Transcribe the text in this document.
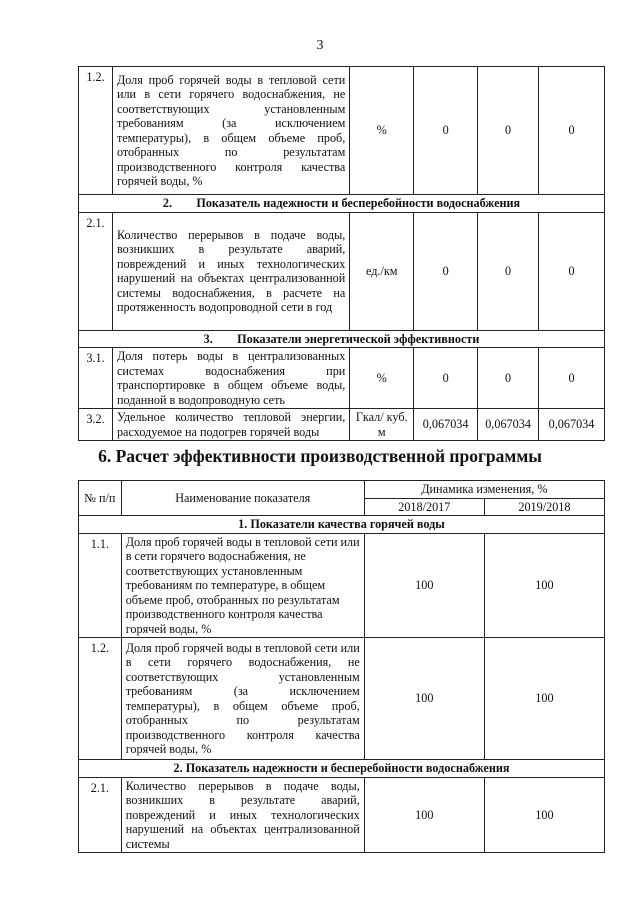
3
1.2.	Доля проб горячей воды в тепловой сети или в сети горячего водоснабжения, не соответствующих установленным требованиям (за исключением температуры), в общем объеме проб, отобранных по результатам производственного контроля качества горячей воды, %	%	0	0	0
2.        Показатель надежности и бесперебойности водоснабжения					
2.1.	Количество перерывов в подаче воды, возникших в результате аварий, повреждений и иных технологических нарушений на объектах централизованной системы водоснабжения, в расчете на протяженность водопроводной сети в год	ед./км	0	0	0
3.        Показатели энергетической эффективности					
3.1.	Доля потерь воды в централизованных системах водоснабжения при транспортировке в общем объеме воды, поданной в водопроводную сеть	%	0	0	0
3.2.	Удельное количество тепловой энергии, расходуемое на подогрев горячей воды	Гкал/ куб. м	0,067034	0,067034	0,067034
6. Расчет эффективности производственной программы
№ п/п	Наименование показателя	Динамика изменения, %	
		2018/2017	2019/2018
1. Показатели качества горячей воды			
1.1.	Доля проб горячей воды в тепловой сети или в сети горячего водоснабжения, не соответствующих установленным требованиям по температуре, в общем объеме проб, отобранных по результатам производственного контроля качества горячей воды, %	100	100
1.2.	Доля проб горячей воды в тепловой сети или в сети горячего водоснабжения, не соответствующих установленным требованиям (за исключением температуры), в общем объеме проб, отобранных по результатам производственного контроля качества горячей воды, %	100	100
2. Показатель надежности и бесперебойности водоснабжения			
2.1.	Количество перерывов в подаче воды, возникших в результате аварий, повреждений и иных технологических нарушений на объектах централизованной системы	100	100
